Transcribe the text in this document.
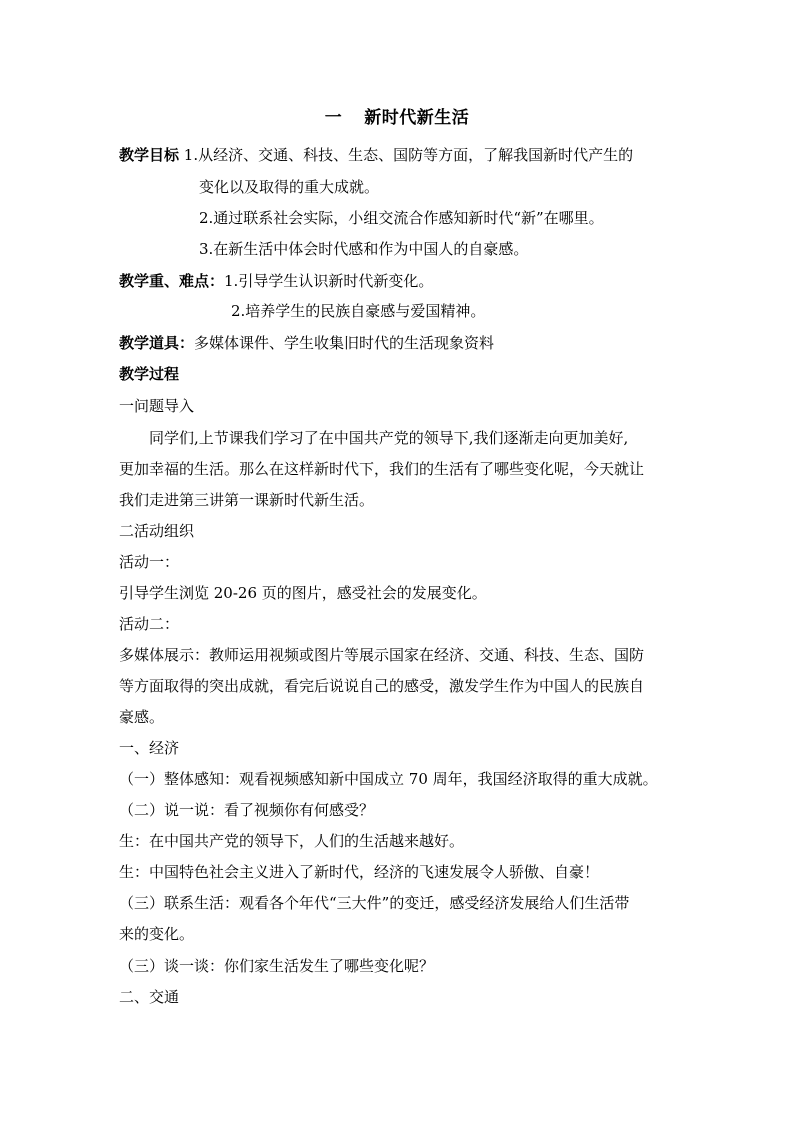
一 新时代新生活
教学目标 1.从经济、交通、科技、生态、国防等方面，了解我国新时代产生的
变化以及取得的重大成就。
2.通过联系社会实际，小组交流合作感知新时代“新”在哪里。
3.在新生活中体会时代感和作为中国人的自豪感。
教学重、难点：1.引导学生认识新时代新变化。
2.培养学生的民族自豪感与爱国精神。
教学道具：多媒体课件、学生收集旧时代的生活现象资料
教学过程
一问题导入
同学们,上节课我们学习了在中国共产党的领导下,我们逐渐走向更加美好,
更加幸福的生活。那么在这样新时代下，我们的生活有了哪些变化呢，今天就让
我们走进第三讲第一课新时代新生活。
二活动组织
活动一：
引导学生浏览 20-26 页的图片，感受社会的发展变化。
活动二：
多媒体展示：教师运用视频或图片等展示国家在经济、交通、科技、生态、国防
等方面取得的突出成就，看完后说说自己的感受，激发学生作为中国人的民族自
豪感。
一、经济
（一）整体感知：观看视频感知新中国成立 70 周年，我国经济取得的重大成就。
（二）说一说：看了视频你有何感受？
生：在中国共产党的领导下，人们的生活越来越好。
生：中国特色社会主义进入了新时代，经济的飞速发展令人骄傲、自豪！
（三）联系生活：观看各个年代“三大件”的变迁，感受经济发展给人们生活带
来的变化。
（三）谈一谈：你们家生活发生了哪些变化呢？
二、交通
